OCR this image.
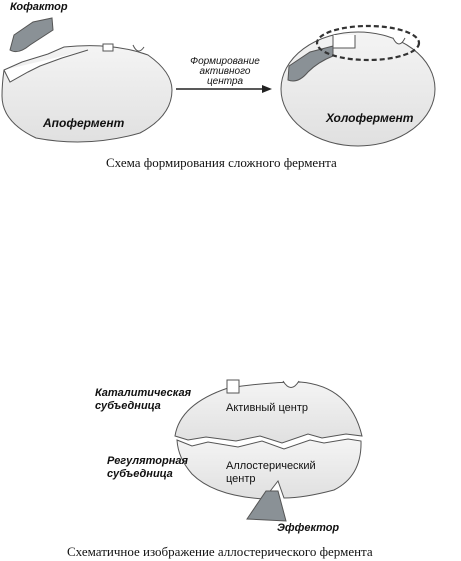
Кофактор
Апофермент
Формирование
активного
центра
Холофермент
Схема формирования сложного фермента
Каталитическая
субъедница
Регуляторная
субъедница
Активный центр
Аллостерический
центр
Эффектор
Схематичное изображение аллостерического фермента
